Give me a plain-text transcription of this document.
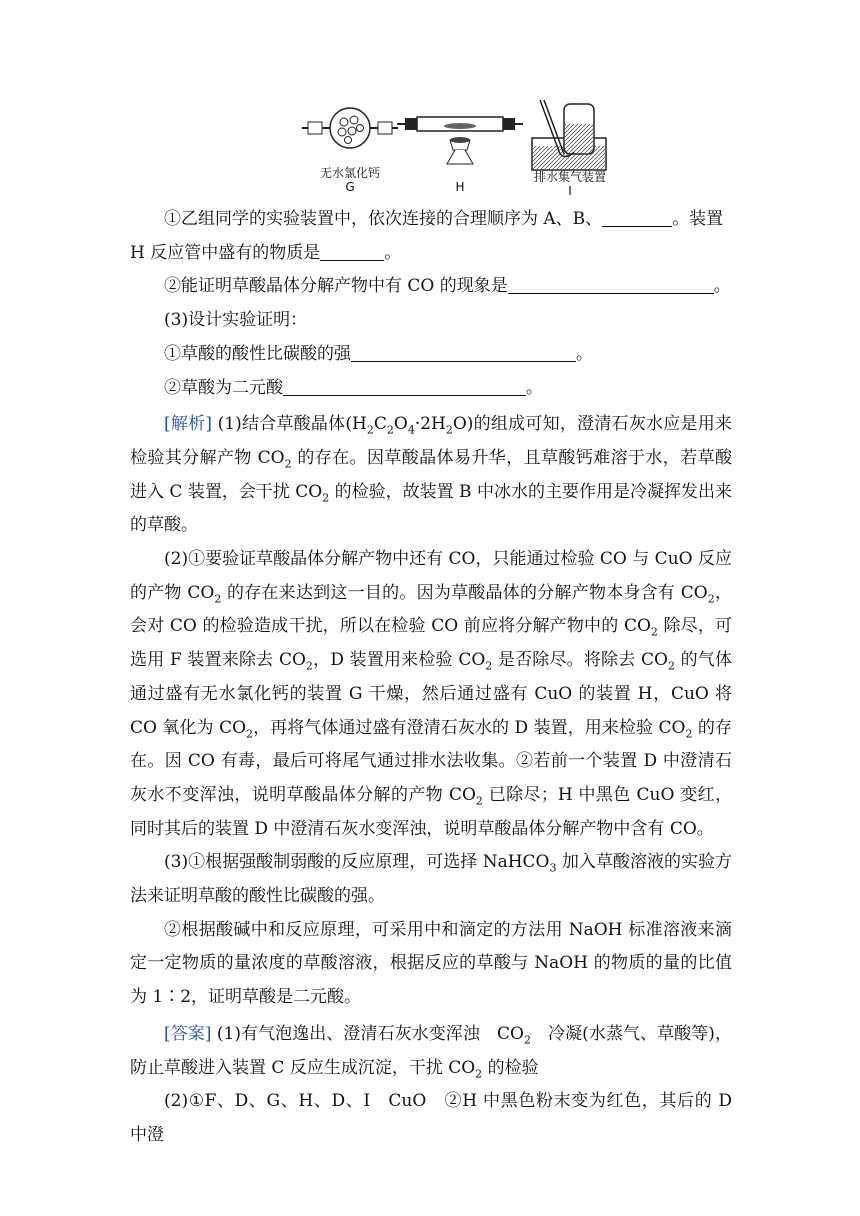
无水氯化钙
G	H
排水集气装置
I

①乙组同学的实验装置中，依次连接的合理顺序为 A、B、	。装置

H 反应管中盛有的物质是	。

②能证明草酸晶体分解产物中有 CO 的现象是	。

(3)设计实验证明：

①草酸的酸性比碳酸的强	。

②草酸为二元酸	。

[解析] (1)结合草酸晶体$(H_2C_2O_4\cdot 2H_2O)$的组成可知，澄清石灰水应是用来检验其分解产物 $CO_2$ 的存在。因草酸晶体易升华，且草酸钙难溶于水，若草酸进入 C 装置，会干扰 $CO_2$ 的检验，故装置 B 中冰水的主要作用是冷凝挥发出来的草酸。

(2)①要验证草酸晶体分解产物中还有 CO，只能通过检验 CO 与 CuO 反应的产物 $CO_2$ 的存在来达到这一目的。因为草酸晶体的分解产物本身含有 $CO_2$，会对 CO 的检验造成干扰，所以在检验 CO 前应将分解产物中的 $CO_2$ 除尽，可选用 F 装置来除去 $CO_2$，D 装置用来检验 $CO_2$ 是否除尽。将除去 $CO_2$ 的气体通过盛有无水氯化钙的装置 G 干燥，然后通过盛有 CuO 的装置 H，CuO 将 CO 氧化为 $CO_2$，再将气体通过盛有澄清石灰水的 D 装置，用来检验 $CO_2$ 的存在。因 CO 有毒，最后可将尾气通过排水法收集。②若前一个装置 D 中澄清石灰水不变浑浊，说明草酸晶体分解的产物 $CO_2$ 已除尽；H 中黑色 CuO 变红，同时其后的装置 D 中澄清石灰水变浑浊，说明草酸晶体分解产物中含有 CO。

(3)①根据强酸制弱酸的反应原理，可选择 NaHCO$_3$ 加入草酸溶液的实验方法来证明草酸的酸性比碳酸的强。

②根据酸碱中和反应原理，可采用中和滴定的方法用 NaOH 标准溶液来滴定一定物质的量浓度的草酸溶液，根据反应的草酸与 NaOH 的物质的量的比值为 1∶2，证明草酸是二元酸。

[答案] (1)有气泡逸出、澄清石灰水变浑浊　$CO_2$　冷凝(水蒸气、草酸等)，防止草酸进入装置 C 反应生成沉淀，干扰 $CO_2$ 的检验

(2)①F、D、G、H、D、I　CuO　②H 中黑色粉末变为红色，其后的 D 中澄
